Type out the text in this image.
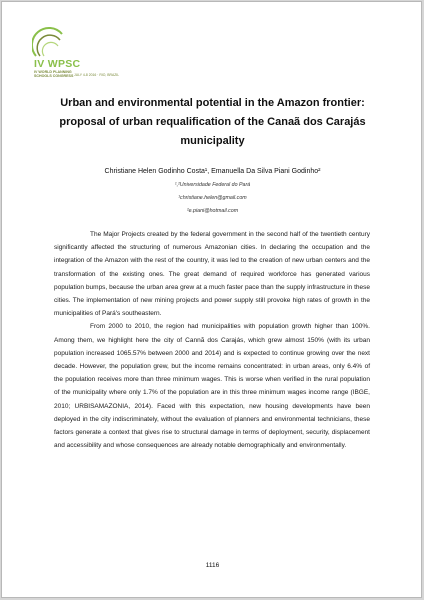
IV WPSC
IV WORLD PLANNING SCHOOLS CONGRESS JULY 4-8 2016 · RIO, BRAZIL
Urban and environmental potential in the Amazon frontier:
proposal of urban requalification of the Canaã dos Carajás
municipality
Christiane Helen Godinho Costa¹, Emanuella Da Silva Piani Godinho²
¹,²Universidade Federal do Pará
¹christiane.helen@gmail.com
²e.piani@hotmail.com

The Major Projects created by the federal government in the second half of the twentieth century significantly affected the structuring of numerous Amazonian cities. In declaring the occupation and the integration of the Amazon with the rest of the country, it was led to the creation of new urban centers and the transformation of the existing ones. The great demand of required workforce has generated various population bumps, because the urban area grew at a much faster pace than the supply infrastructure in these cities. The implementation of new mining projects and power supply still provoke high rates of growth in the municipalities of Pará's southeastern.

From 2000 to 2010, the region had municipalities with population growth higher than 100%. Among them, we highlight here the city of Cannã dos Carajás, which grew almost 150% (with its urban population increased 1065.57% between 2000 and 2014) and is expected to continue growing over the next decade. However, the population grew, but the income remains concentrated: in urban areas, only 6.4% of the population receives more than three minimum wages. This is worse when verified in the rural population of the municipality where only 1.7% of the population are in this three minimum wages income range (IBGE, 2010; URBISAMAZONIA, 2014). Faced with this expectation, new housing developments have been deployed in the city indiscriminately, without the evaluation of planners and environmental technicians, these factors generate a context that gives rise to structural damage in terms of deployment, security, displacement and accessibility and whose consequences are already notable demographically and environmentally.

1116
